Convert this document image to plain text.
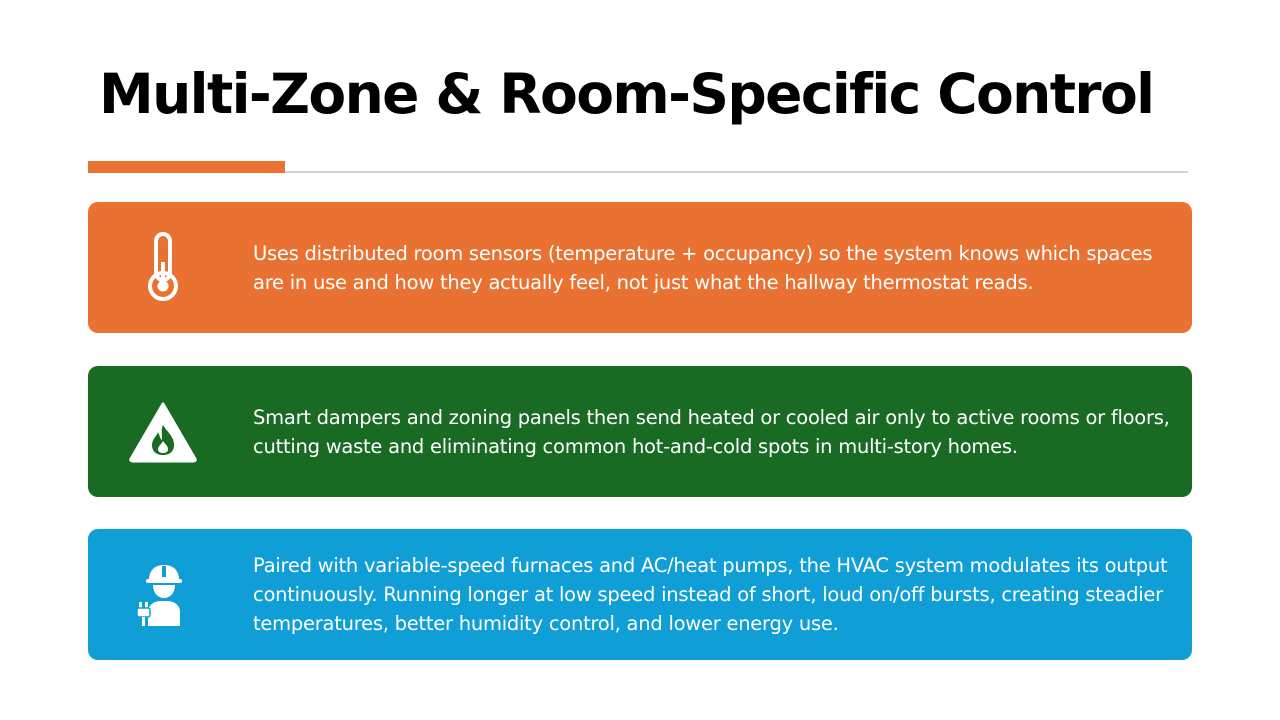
Multi-Zone & Room-Specific Control

Uses distributed room sensors (temperature + occupancy) so the system knows which spaces are in use and how they actually feel, not just what the hallway thermostat reads.

Smart dampers and zoning panels then send heated or cooled air only to active rooms or floors, cutting waste and eliminating common hot-and-cold spots in multi-story homes.

Paired with variable-speed furnaces and AC/heat pumps, the HVAC system modulates its output continuously. Running longer at low speed instead of short, loud on/off bursts, creating steadier temperatures, better humidity control, and lower energy use.
